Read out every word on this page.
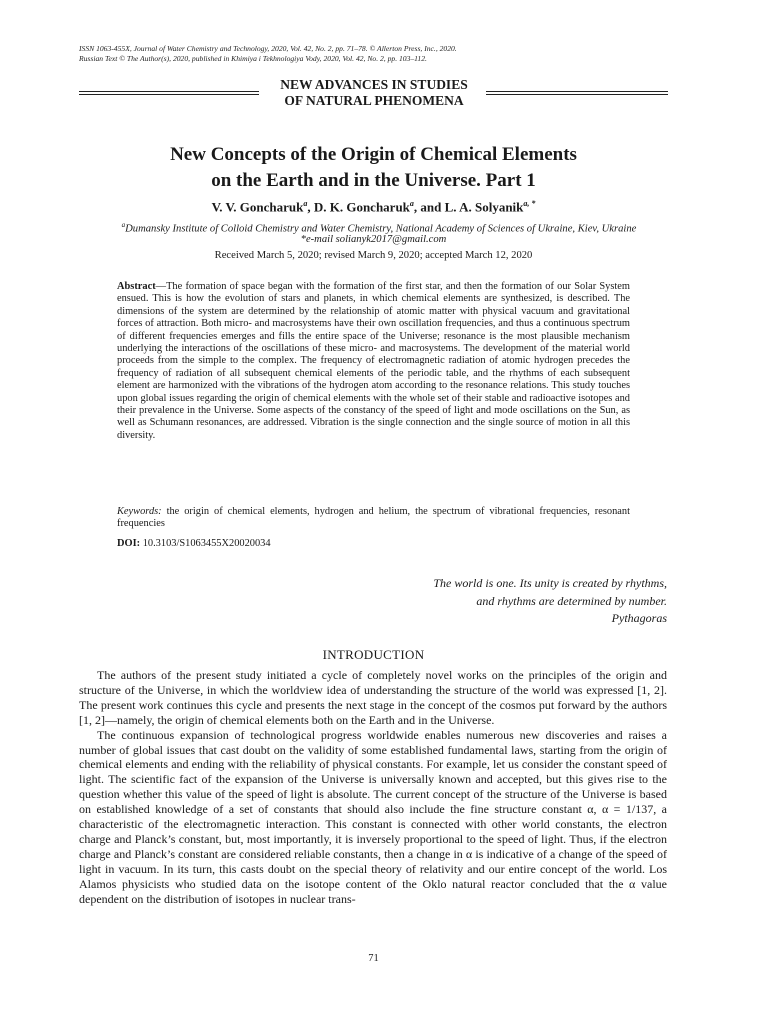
ISSN 1063-455X, Journal of Water Chemistry and Technology, 2020, Vol. 42, No. 2, pp. 71–78. © Allerton Press, Inc., 2020.
Russian Text © The Author(s), 2020, published in Khimiya i Tekhnologiya Vody, 2020, Vol. 42, No. 2, pp. 103–112.
NEW ADVANCES IN STUDIES
OF NATURAL PHENOMENA
New Concepts of the Origin of Chemical Elements
on the Earth and in the Universe. Part 1
V. V. Goncharuk$^a$, D. K. Goncharuk$^a$, and L. A. Solyanik$^{a, *}$
$^a$Dumansky Institute of Colloid Chemistry and Water Chemistry, National Academy of Sciences of Ukraine, Kiev, Ukraine
*e-mail solianyk2017@gmail.com
Received March 5, 2020; revised March 9, 2020; accepted March 12, 2020
Abstract—The formation of space began with the formation of the first star, and then the formation of our Solar System ensued. This is how the evolution of stars and planets, in which chemical elements are synthesized, is described. The dimensions of the system are determined by the relationship of atomic matter with physical vacuum and gravitational forces of attraction. Both micro- and macrosystems have their own oscillation frequencies, and thus a continuous spectrum of different frequencies emerges and fills the entire space of the Universe; resonance is the most plausible mechanism underlying the interactions of the oscillations of these micro- and macrosystems. The development of the material world proceeds from the simple to the complex. The frequency of electromagnetic radiation of atomic hydrogen precedes the frequency of radiation of all subsequent chemical elements of the periodic table, and the rhythms of each subsequent element are harmonized with the vibrations of the hydrogen atom according to the resonance relations. This study touches upon global issues regarding the origin of chemical elements with the whole set of their stable and radioactive isotopes and their prevalence in the Universe. Some aspects of the constancy of the speed of light and mode oscillations on the Sun, as well as Schumann resonances, are addressed. Vibration is the single connection and the single source of motion in all this diversity.
Keywords: the origin of chemical elements, hydrogen and helium, the spectrum of vibrational frequencies, resonant frequencies
DOI: 10.3103/S1063455X20020034
The world is one. Its unity is created by rhythms,
and rhythms are determined by number.
Pythagoras
INTRODUCTION

The authors of the present study initiated a cycle of completely novel works on the principles of the origin and structure of the Universe, in which the worldview idea of understanding the structure of the world was expressed [1, 2]. The present work continues this cycle and presents the next stage in the concept of the cosmos put forward by the authors [1, 2]—namely, the origin of chemical elements both on the Earth and in the Universe.

The continuous expansion of technological progress worldwide enables numerous new discoveries and raises a number of global issues that cast doubt on the validity of some established fundamental laws, starting from the origin of chemical elements and ending with the reliability of physical constants. For example, let us consider the constant speed of light. The scientific fact of the expansion of the Universe is universally known and accepted, but this gives rise to the question whether this value of the speed of light is absolute. The current concept of the structure of the Universe is based on established knowledge of a set of constants that should also include the fine structure constant α, α = 1/137, a characteristic of the electromagnetic interaction. This constant is connected with other world constants, the electron charge and Planck’s constant, but, most importantly, it is inversely proportional to the speed of light. Thus, if the electron charge and Planck’s constant are considered reliable constants, then a change in α is indicative of a change of the speed of light in vacuum. In its turn, this casts doubt on the special theory of relativity and our entire concept of the world. Los Alamos physicists who studied data on the isotope content of the Oklo natural reactor concluded that the α value dependent on the distribution of isotopes in nuclear trans-

71
